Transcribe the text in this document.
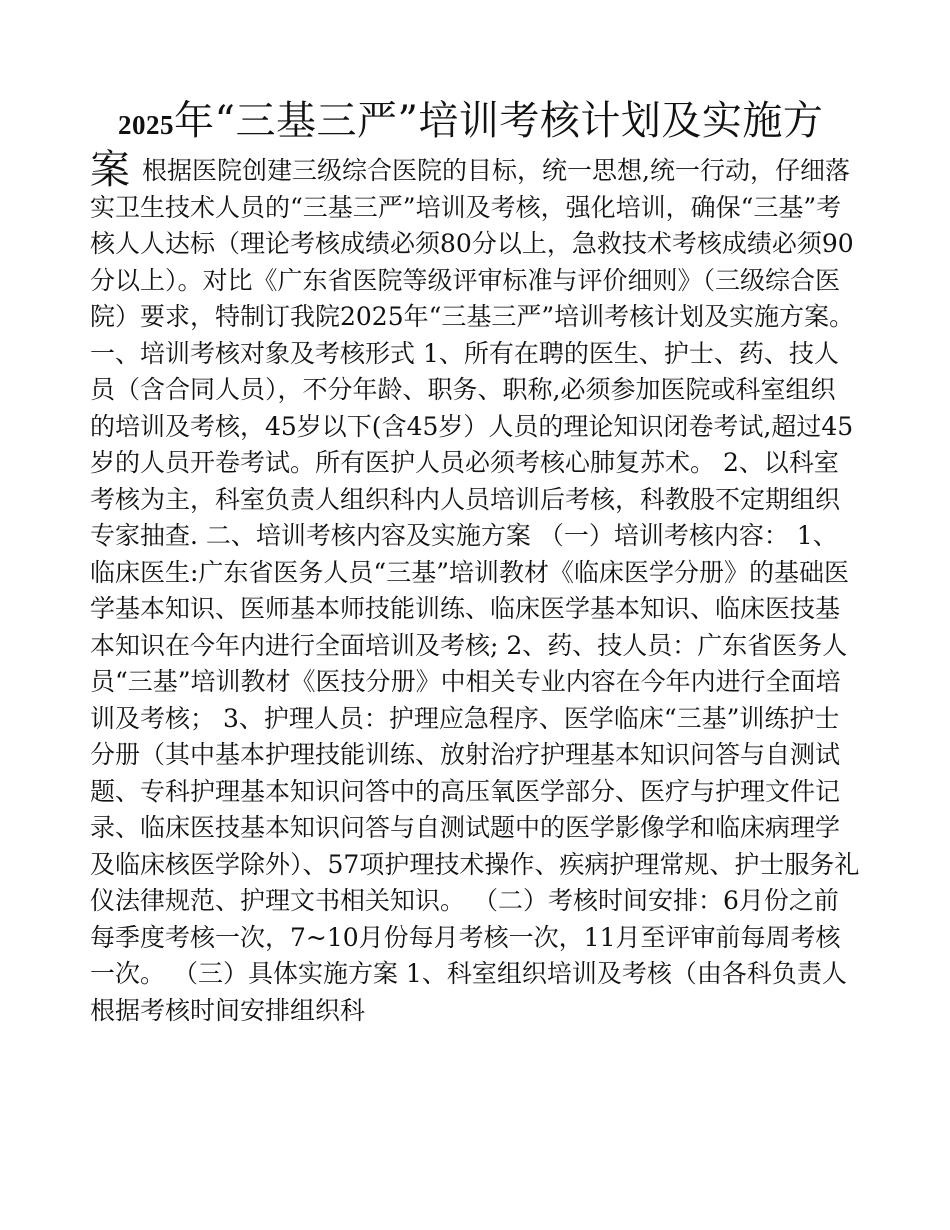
2025年“三基三严”培训考核计划及实施方
案根据医院创建三级综合医院的目标，统一思想,统一行动，仔细落实卫生技术人员的“三基三严”培训及考核，强化培训，确保“三基”考核人人达标（理论考核成绩必须80分以上，急救技术考核成绩必须90分以上）。对比《广东省医院等级评审标准与评价细则》（三级综合医院）要求，特制订我院2025年“三基三严”培训考核计划及实施方案。

一、培训考核对象及考核形式 1、所有在聘的医生、护士、药、技人员（含合同人员），不分年龄、职务、职称,必须参加医院或科室组织的培训及考核，45岁以下(含45岁）人员的理论知识闭卷考试,超过45岁的人员开卷考试。所有医护人员必须考核心肺复苏术。

2、以科室考核为主，科室负责人组织科内人员培训后考核，科教股不定期组织专家抽查.

二、培训考核内容及实施方案 （一）培训考核内容： 1、临床医生:广东省医务人员“三基”培训教材《临床医学分册》的基础医学基本知识、医师基本师技能训练、临床医学基本知识、临床医技基本知识在今年内进行全面培训及考核; 2、药、技人员：广东省医务人员“三基”培训教材《医技分册》中相关专业内容在今年内进行全面培训及考核； 3、护理人员：护理应急程序、医学临床“三基”训练护士分册（其中基本护理技能训练、放射治疗护理基本知识问答与自测试题、专科护理基本知识问答中的高压氧医学部分、医疗与护理文件记录、临床医技基本知识问答与自测试题中的医学影像学和临床病理学及临床核医学除外）、57项护理技术操作、疾病护理常规、护士服务礼仪法律规范、护理文书相关知识。

（二）考核时间安排：6月份之前每季度考核一次，7~10月份每月考核一次，11月至评审前每周考核一次。

（三）具体实施方案 1、科室组织培训及考核（由各科负责人根据考核时间安排组织科
